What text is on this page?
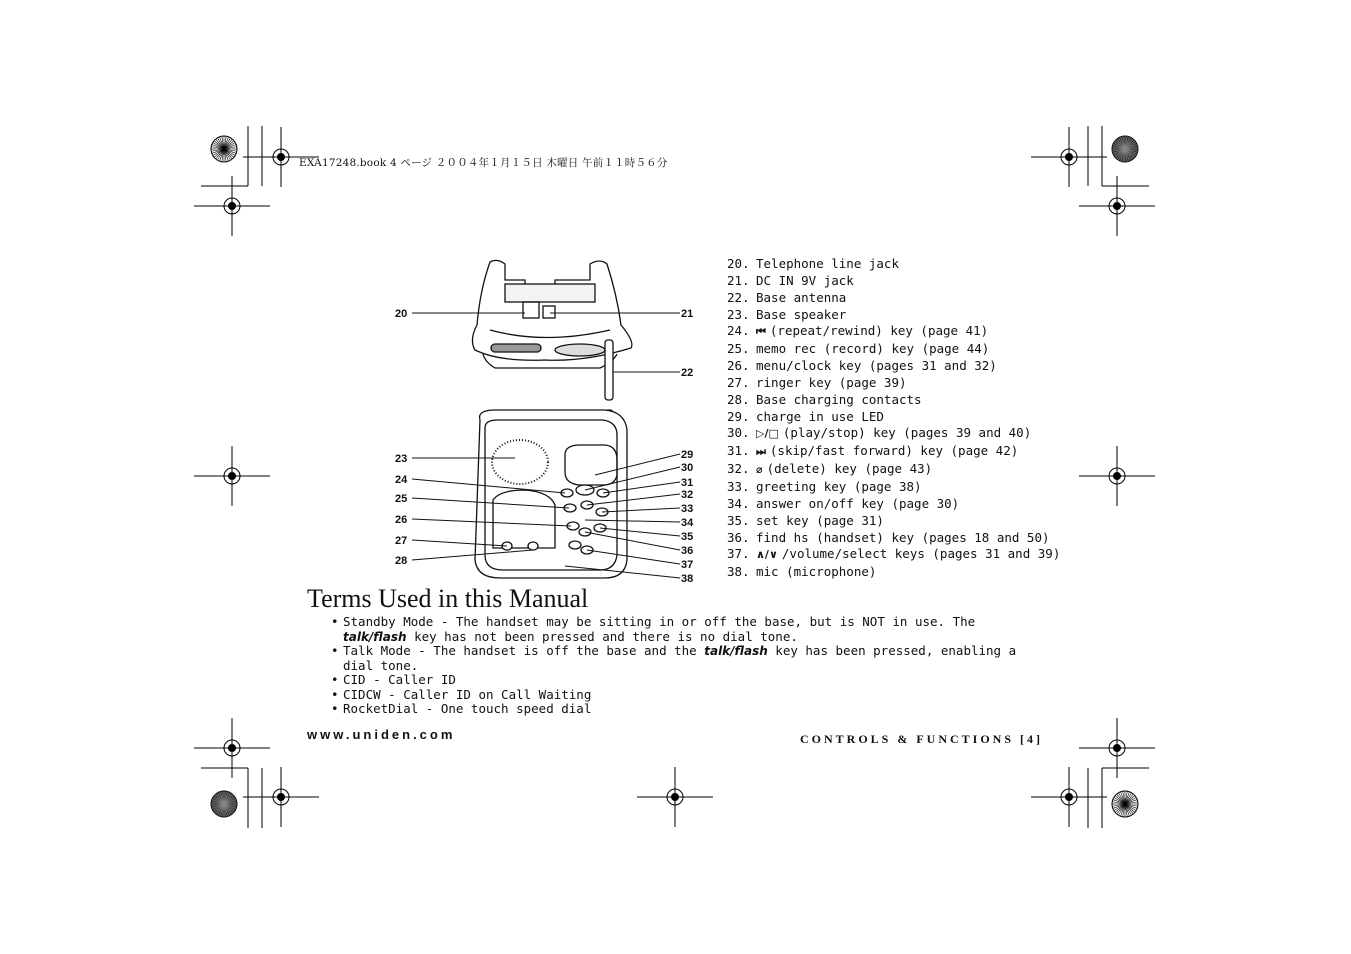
EXA17248.book 4 ページ ２００４年１月１５日 木曜日 午前１１時５６分
20	21
22
23
24
25
26
27
28
29
30
31
32
33
34
35
36
37
38
20. Telephone line jack
21. DC IN 9V jack
22. Base antenna
23. Base speaker
24. ⏮ (repeat/rewind) key (page 41)
25. memo rec (record) key (page 44)
26. menu/clock key (pages 31 and 32)
27. ringer key (page 39)
28. Base charging contacts
29. charge in use LED
30. ▷/□ (play/stop) key (pages 39 and 40)
31. ⏭ (skip/fast forward) key (page 42)
32. ⌀ (delete) key (page 43)
33. greeting key (page 38)
34. answer on/off key (page 30)
35. set key (page 31)
36. find hs (handset) key (pages 18 and 50)
37. ∧/∨ /volume/select keys (pages 31 and 39)
38. mic (microphone)
Terms Used in this Manual
• Standby Mode - The handset may be sitting in or off the base, but is NOT in use. The talk/flash key has not been pressed and there is no dial tone.
• Talk Mode - The handset is off the base and the talk/flash key has been pressed, enabling a dial tone.
• CID - Caller ID
• CIDCW - Caller ID on Call Waiting
• RocketDial - One touch speed dial
www.uniden.com	CONTROLS & FUNCTIONS [4]
